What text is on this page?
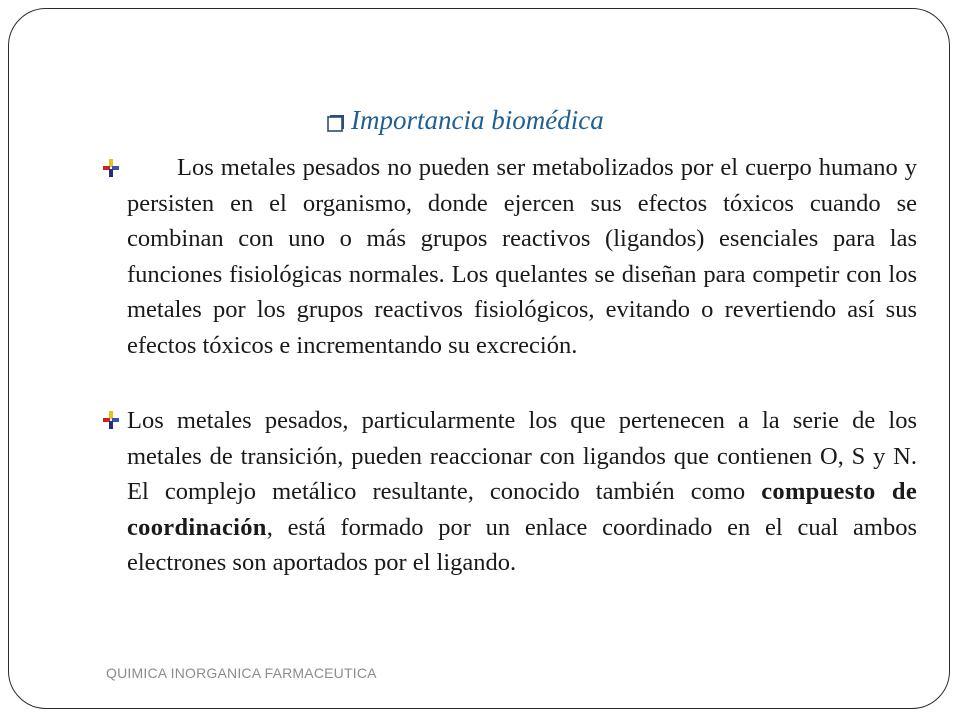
Importancia biomédica

Los metales pesados no pueden ser metabolizados por el cuerpo humano y persisten en el organismo, donde ejercen sus efectos tóxicos cuando se combinan con uno o más grupos reactivos (ligandos) esenciales para las funciones fisiológicas normales. Los quelantes se diseñan para competir con los metales por los grupos reactivos fisiológicos, evitando o revertiendo así sus efectos tóxicos e incrementando su excreción.

Los metales pesados, particularmente los que pertenecen a la serie de los metales de transición, pueden reaccionar con ligandos que contienen O, S y N. El complejo metálico resultante, conocido también como compuesto de coordinación, está formado por un enlace coordinado en el cual ambos electrones son aportados por el ligando.

QUIMICA INORGANICA FARMACEUTICA
